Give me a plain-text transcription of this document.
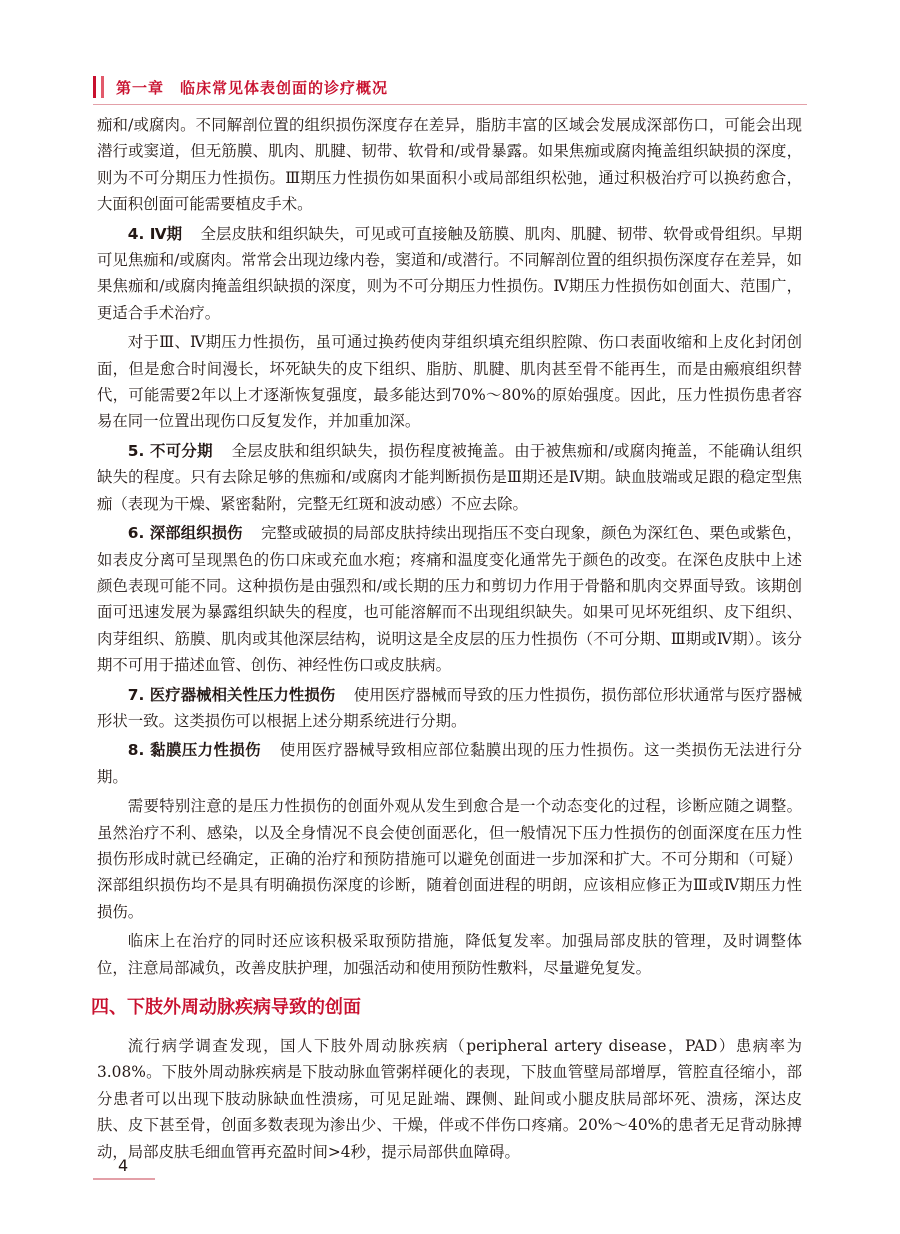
第一章　临床常见体表创面的诊疗概况

痂和/或腐肉。不同解剖位置的组织损伤深度存在差异，脂肪丰富的区域会发展成深部伤口，可能会出现潜行或窦道，但无筋膜、肌肉、肌腱、韧带、软骨和/或骨暴露。如果焦痂或腐肉掩盖组织缺损的深度，则为不可分期压力性损伤。Ⅲ期压力性损伤如果面积小或局部组织松弛，通过积极治疗可以换药愈合，大面积创面可能需要植皮手术。

4. Ⅳ期 全层皮肤和组织缺失，可见或可直接触及筋膜、肌肉、肌腱、韧带、软骨或骨组织。早期可见焦痂和/或腐肉。常常会出现边缘内卷，窦道和/或潜行。不同解剖位置的组织损伤深度存在差异，如果焦痂和/或腐肉掩盖组织缺损的深度，则为不可分期压力性损伤。Ⅳ期压力性损伤如创面大、范围广，更适合手术治疗。

对于Ⅲ、Ⅳ期压力性损伤，虽可通过换药使肉芽组织填充组织腔隙、伤口表面收缩和上皮化封闭创面，但是愈合时间漫长，坏死缺失的皮下组织、脂肪、肌腱、肌肉甚至骨不能再生，而是由瘢痕组织替代，可能需要2年以上才逐渐恢复强度，最多能达到70%～80%的原始强度。因此，压力性损伤患者容易在同一位置出现伤口反复发作，并加重加深。

5. 不可分期 全层皮肤和组织缺失，损伤程度被掩盖。由于被焦痂和/或腐肉掩盖，不能确认组织缺失的程度。只有去除足够的焦痂和/或腐肉才能判断损伤是Ⅲ期还是Ⅳ期。缺血肢端或足跟的稳定型焦痂（表现为干燥、紧密黏附，完整无红斑和波动感）不应去除。

6. 深部组织损伤 完整或破损的局部皮肤持续出现指压不变白现象，颜色为深红色、栗色或紫色，如表皮分离可呈现黑色的伤口床或充血水疱；疼痛和温度变化通常先于颜色的改变。在深色皮肤中上述颜色表现可能不同。这种损伤是由强烈和/或长期的压力和剪切力作用于骨骼和肌肉交界面导致。该期创面可迅速发展为暴露组织缺失的程度，也可能溶解而不出现组织缺失。如果可见坏死组织、皮下组织、肉芽组织、筋膜、肌肉或其他深层结构，说明这是全皮层的压力性损伤（不可分期、Ⅲ期或Ⅳ期）。该分期不可用于描述血管、创伤、神经性伤口或皮肤病。

7. 医疗器械相关性压力性损伤 使用医疗器械而导致的压力性损伤，损伤部位形状通常与医疗器械形状一致。这类损伤可以根据上述分期系统进行分期。

8. 黏膜压力性损伤 使用医疗器械导致相应部位黏膜出现的压力性损伤。这一类损伤无法进行分期。

需要特别注意的是压力性损伤的创面外观从发生到愈合是一个动态变化的过程，诊断应随之调整。虽然治疗不利、感染，以及全身情况不良会使创面恶化，但一般情况下压力性损伤的创面深度在压力性损伤形成时就已经确定，正确的治疗和预防措施可以避免创面进一步加深和扩大。不可分期和（可疑）深部组织损伤均不是具有明确损伤深度的诊断，随着创面进程的明朗，应该相应修正为Ⅲ或Ⅳ期压力性损伤。

临床上在治疗的同时还应该积极采取预防措施，降低复发率。加强局部皮肤的管理，及时调整体位，注意局部减负，改善皮肤护理，加强活动和使用预防性敷料，尽量避免复发。

四、下肢外周动脉疾病导致的创面

流行病学调查发现，国人下肢外周动脉疾病（peripheral artery disease，PAD）患病率为3.08%。下肢外周动脉疾病是下肢动脉血管粥样硬化的表现，下肢血管壁局部增厚，管腔直径缩小，部分患者可以出现下肢动脉缺血性溃疡，可见足趾端、踝侧、趾间或小腿皮肤局部坏死、溃疡，深达皮肤、皮下甚至骨，创面多数表现为渗出少、干燥，伴或不伴伤口疼痛。20%～40%的患者无足背动脉搏动，局部皮肤毛细血管再充盈时间>4秒，提示局部供血障碍。

4
